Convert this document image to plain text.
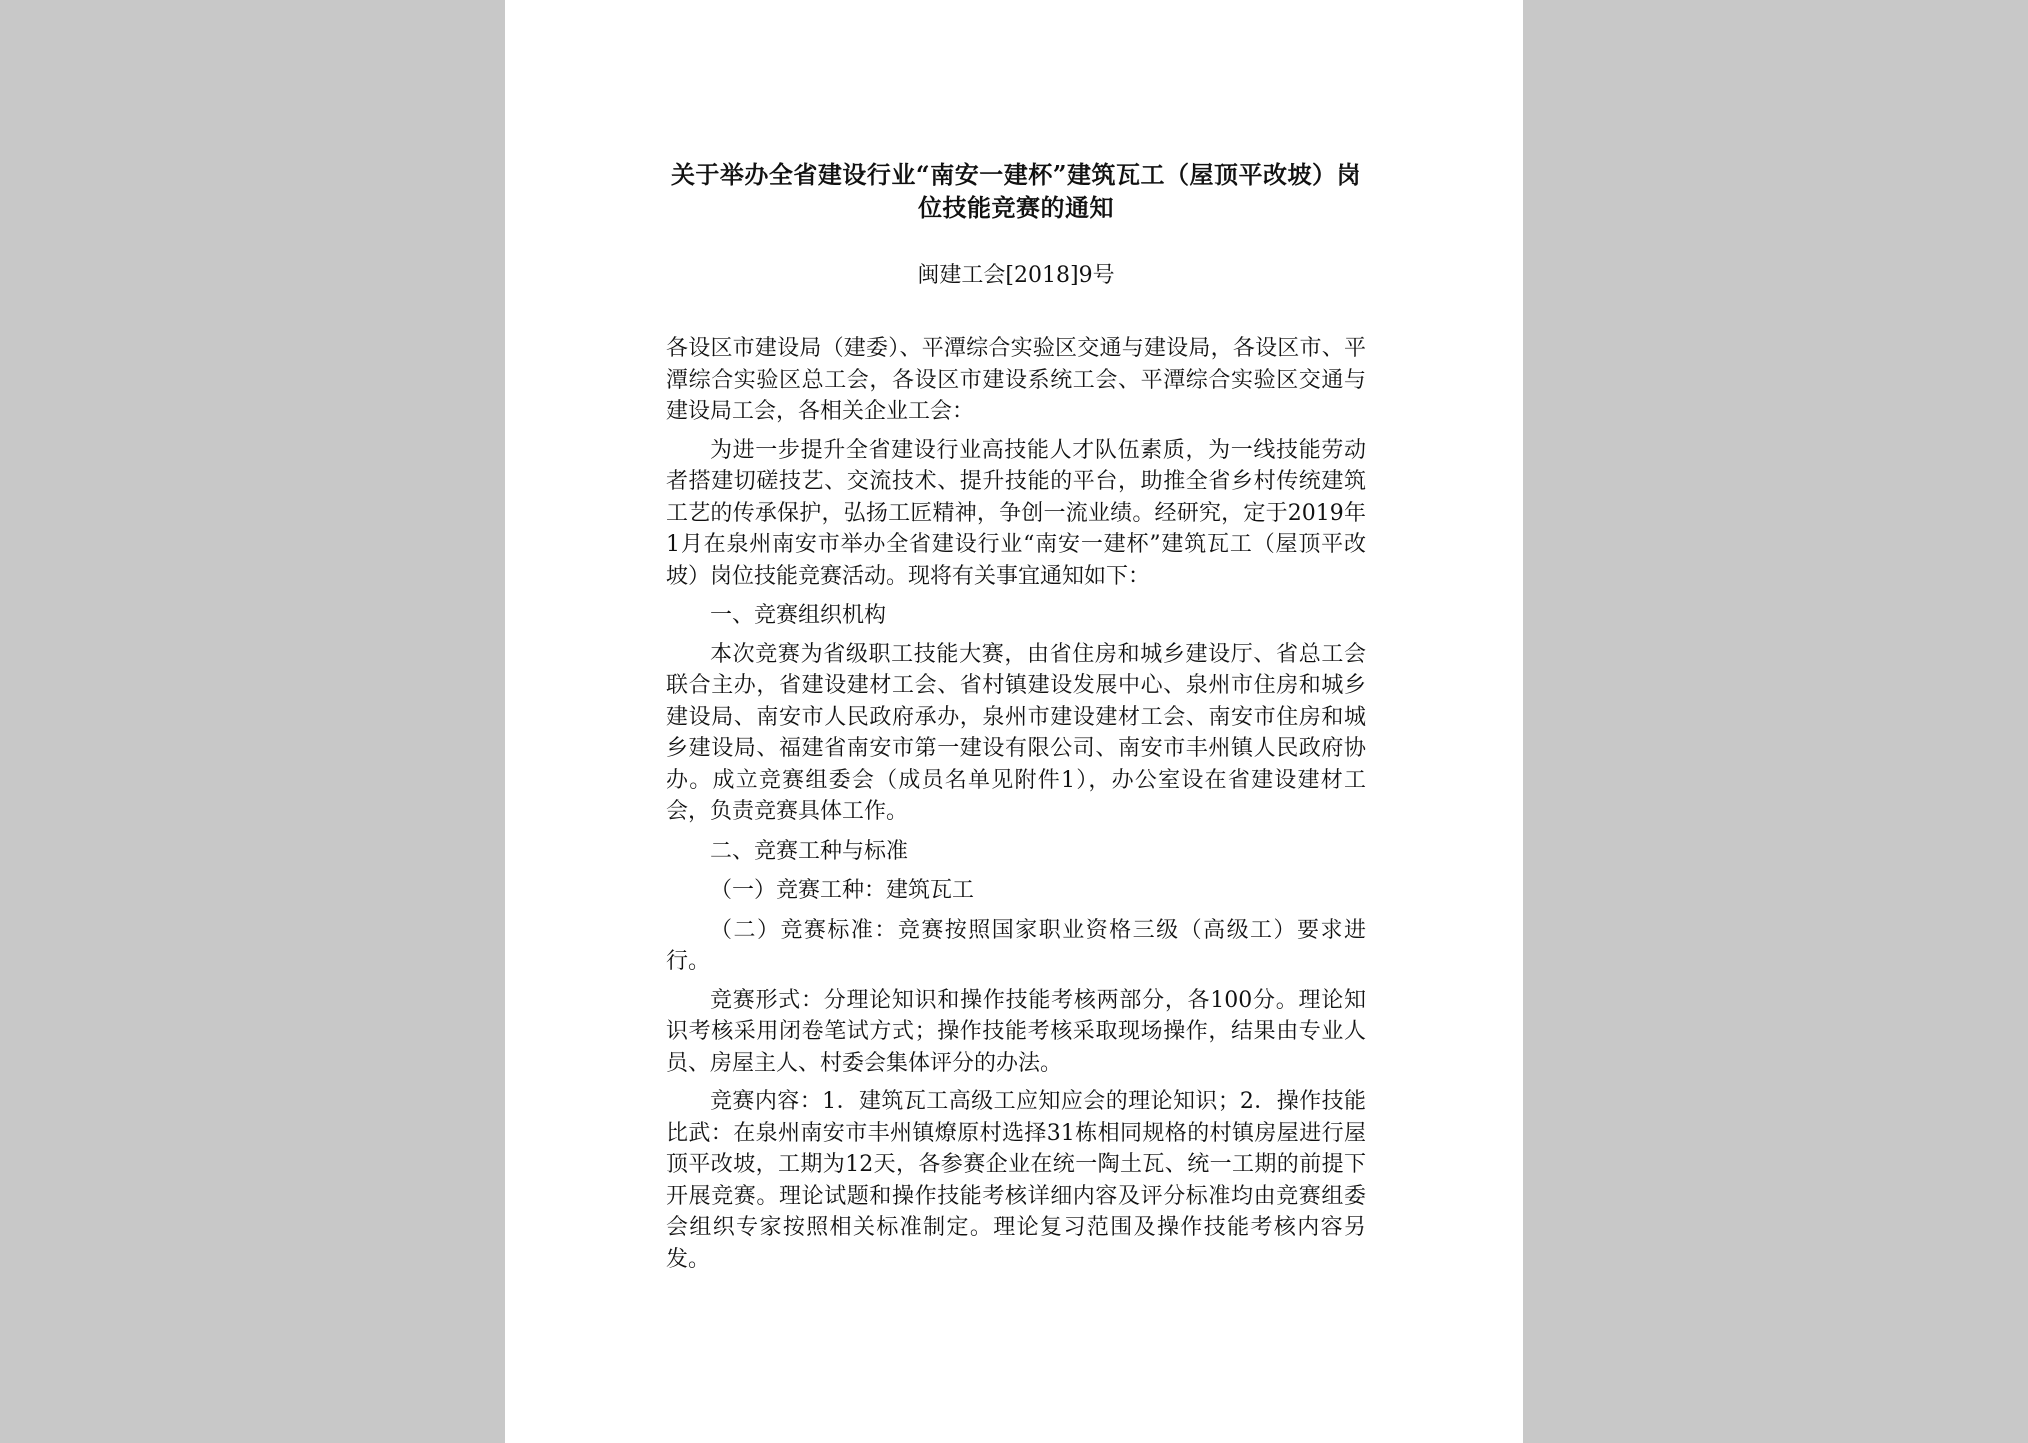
关于举办全省建设行业“南安一建杯”建筑瓦工（屋顶平改坡）岗位技能竞赛的通知
闽建工会[2018]9号
各设区市建设局（建委）、平潭综合实验区交通与建设局，各设区市、平潭综合实验区总工会，各设区市建设系统工会、平潭综合实验区交通与建设局工会，各相关企业工会：

为进一步提升全省建设行业高技能人才队伍素质，为一线技能劳动者搭建切磋技艺、交流技术、提升技能的平台，助推全省乡村传统建筑工艺的传承保护，弘扬工匠精神，争创一流业绩。经研究，定于2019年1月在泉州南安市举办全省建设行业“南安一建杯”建筑瓦工（屋顶平改坡）岗位技能竞赛活动。现将有关事宜通知如下：

一、竞赛组织机构

本次竞赛为省级职工技能大赛，由省住房和城乡建设厅、省总工会联合主办，省建设建材工会、省村镇建设发展中心、泉州市住房和城乡建设局、南安市人民政府承办，泉州市建设建材工会、南安市住房和城乡建设局、福建省南安市第一建设有限公司、南安市丰州镇人民政府协办。成立竞赛组委会（成员名单见附件1），办公室设在省建设建材工会，负责竞赛具体工作。

二、竞赛工种与标准

（一）竞赛工种：建筑瓦工

（二）竞赛标准：竞赛按照国家职业资格三级（高级工）要求进行。

竞赛形式：分理论知识和操作技能考核两部分，各100分。理论知识考核采用闭卷笔试方式；操作技能考核采取现场操作，结果由专业人员、房屋主人、村委会集体评分的办法。

竞赛内容：1．建筑瓦工高级工应知应会的理论知识；2．操作技能比武：在泉州南安市丰州镇燎原村选择31栋相同规格的村镇房屋进行屋顶平改坡，工期为12天，各参赛企业在统一陶土瓦、统一工期的前提下开展竞赛。理论试题和操作技能考核详细内容及评分标准均由竞赛组委会组织专家按照相关标准制定。理论复习范围及操作技能考核内容另发。
